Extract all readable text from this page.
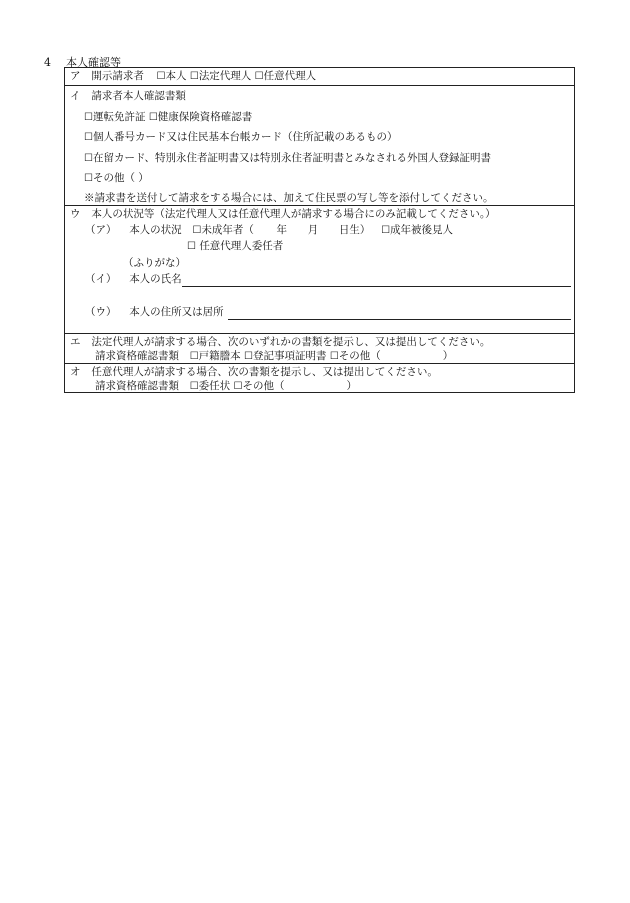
4 本人確認等
ア 開示請求者 ☐本人 ☐法定代理人 ☐任意代理人
イ 請求者本人確認書類
☐運転免許証 ☐健康保険資格確認書
☐個人番号カード又は住民基本台帳カード（住所記載のあるもの）
☐在留カード、特別永住者証明書又は特別永住者証明書とみなされる外国人登録証明書
☐その他（ ）
※請求書を送付して請求をする場合には、加えて住民票の写し等を添付してください。
ウ 本人の状況等（法定代理人又は任意代理人が請求する場合にのみ記載してください。）
（ア） 本人の状況 ☐未成年者（ 年 月 日生） ☐成年被後見人
☐ 任意代理人委任者
（ふりがな）
（イ） 本人の氏名
（ウ） 本人の住所又は居所
エ 法定代理人が請求する場合、次のいずれかの書類を提示し、又は提出してください。
請求資格確認書類 ☐戸籍謄本 ☐登記事項証明書 ☐その他（	）
オ 任意代理人が請求する場合、次の書類を提示し、又は提出してください。
請求資格確認書類 ☐委任状 ☐その他（	）
